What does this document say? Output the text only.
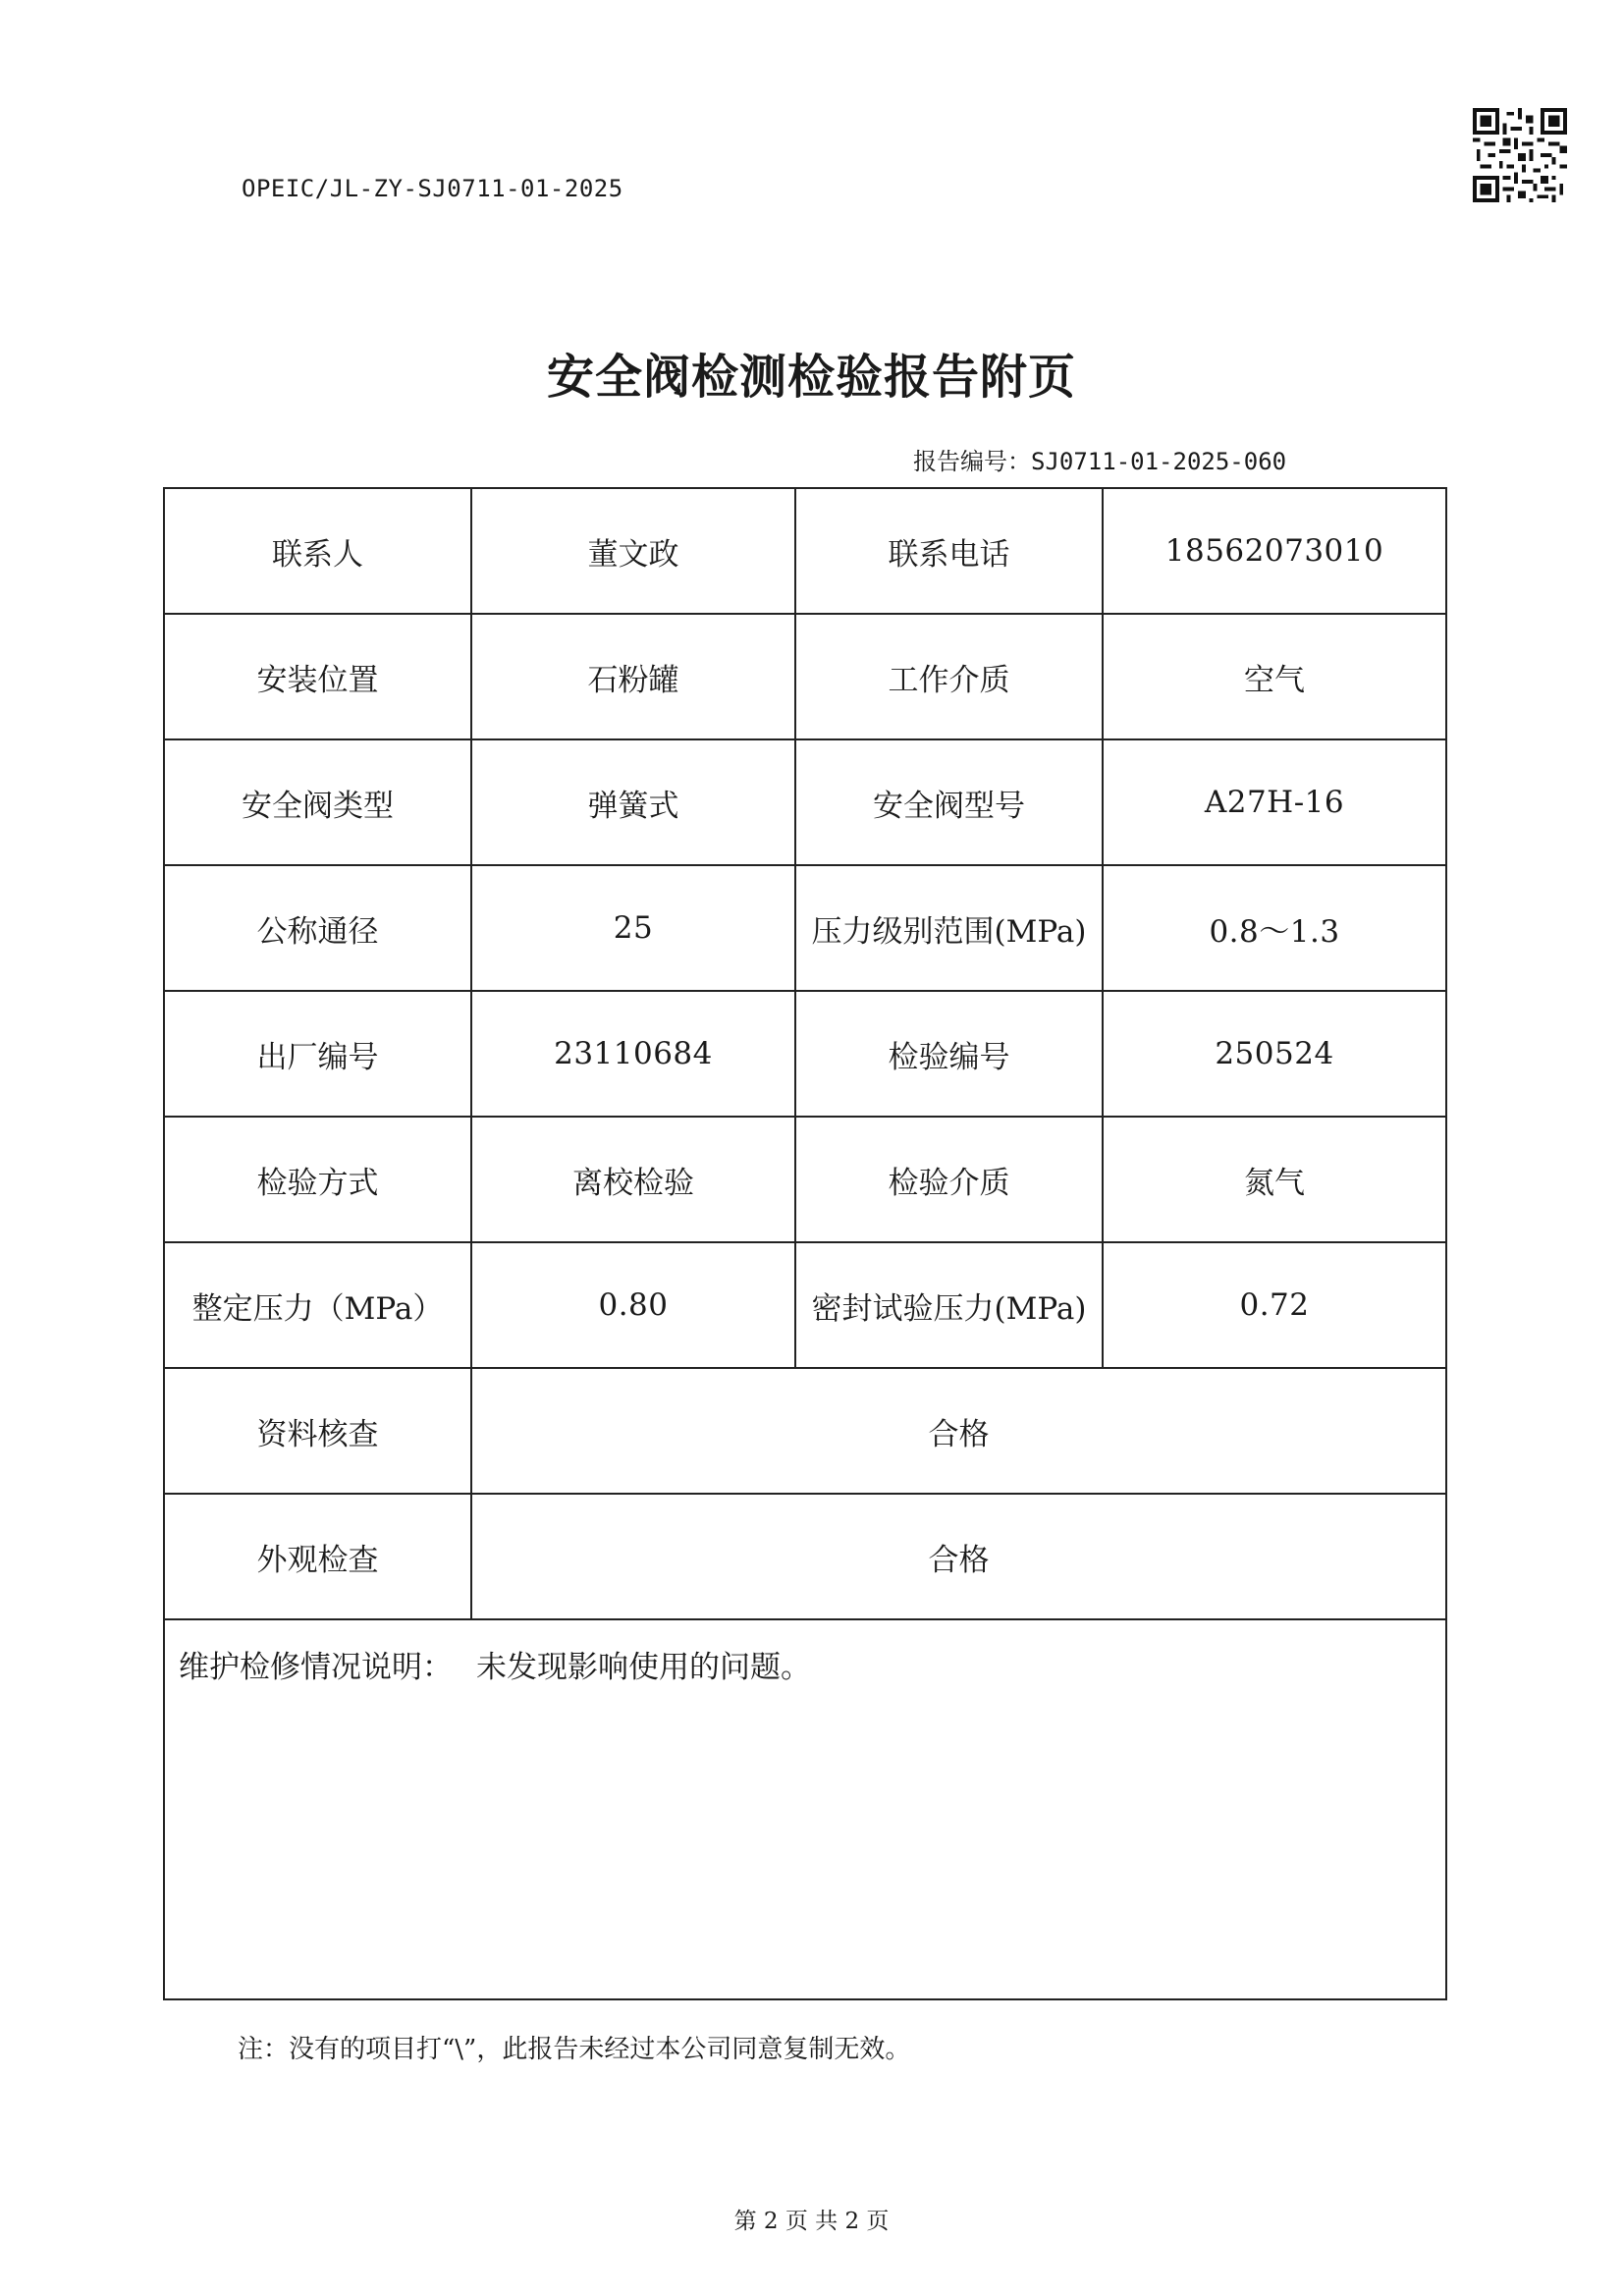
OPEIC/JL-ZY-SJ0711-01-2025
安全阀检测检验报告附页
报告编号：SJ0711-01-2025-060
联系人	董文政	联系电话	18562073010
安装位置	石粉罐	工作介质	空气
安全阀类型	弹簧式	安全阀型号	A27H-16
公称通径	25	压力级别范围(MPa)	0.8～1.3
出厂编号	23110684	检验编号	250524
检验方式	离校检验	检验介质	氮气
整定压力（MPa）	0.80	密封试验压力(MPa)	0.72
资料核查	合格		
外观检查	合格		
维护检修情况说明： 未发现影响使用的问题。			
注：没有的项目打“\”，此报告未经过本公司同意复制无效。
第 2 页 共 2 页
